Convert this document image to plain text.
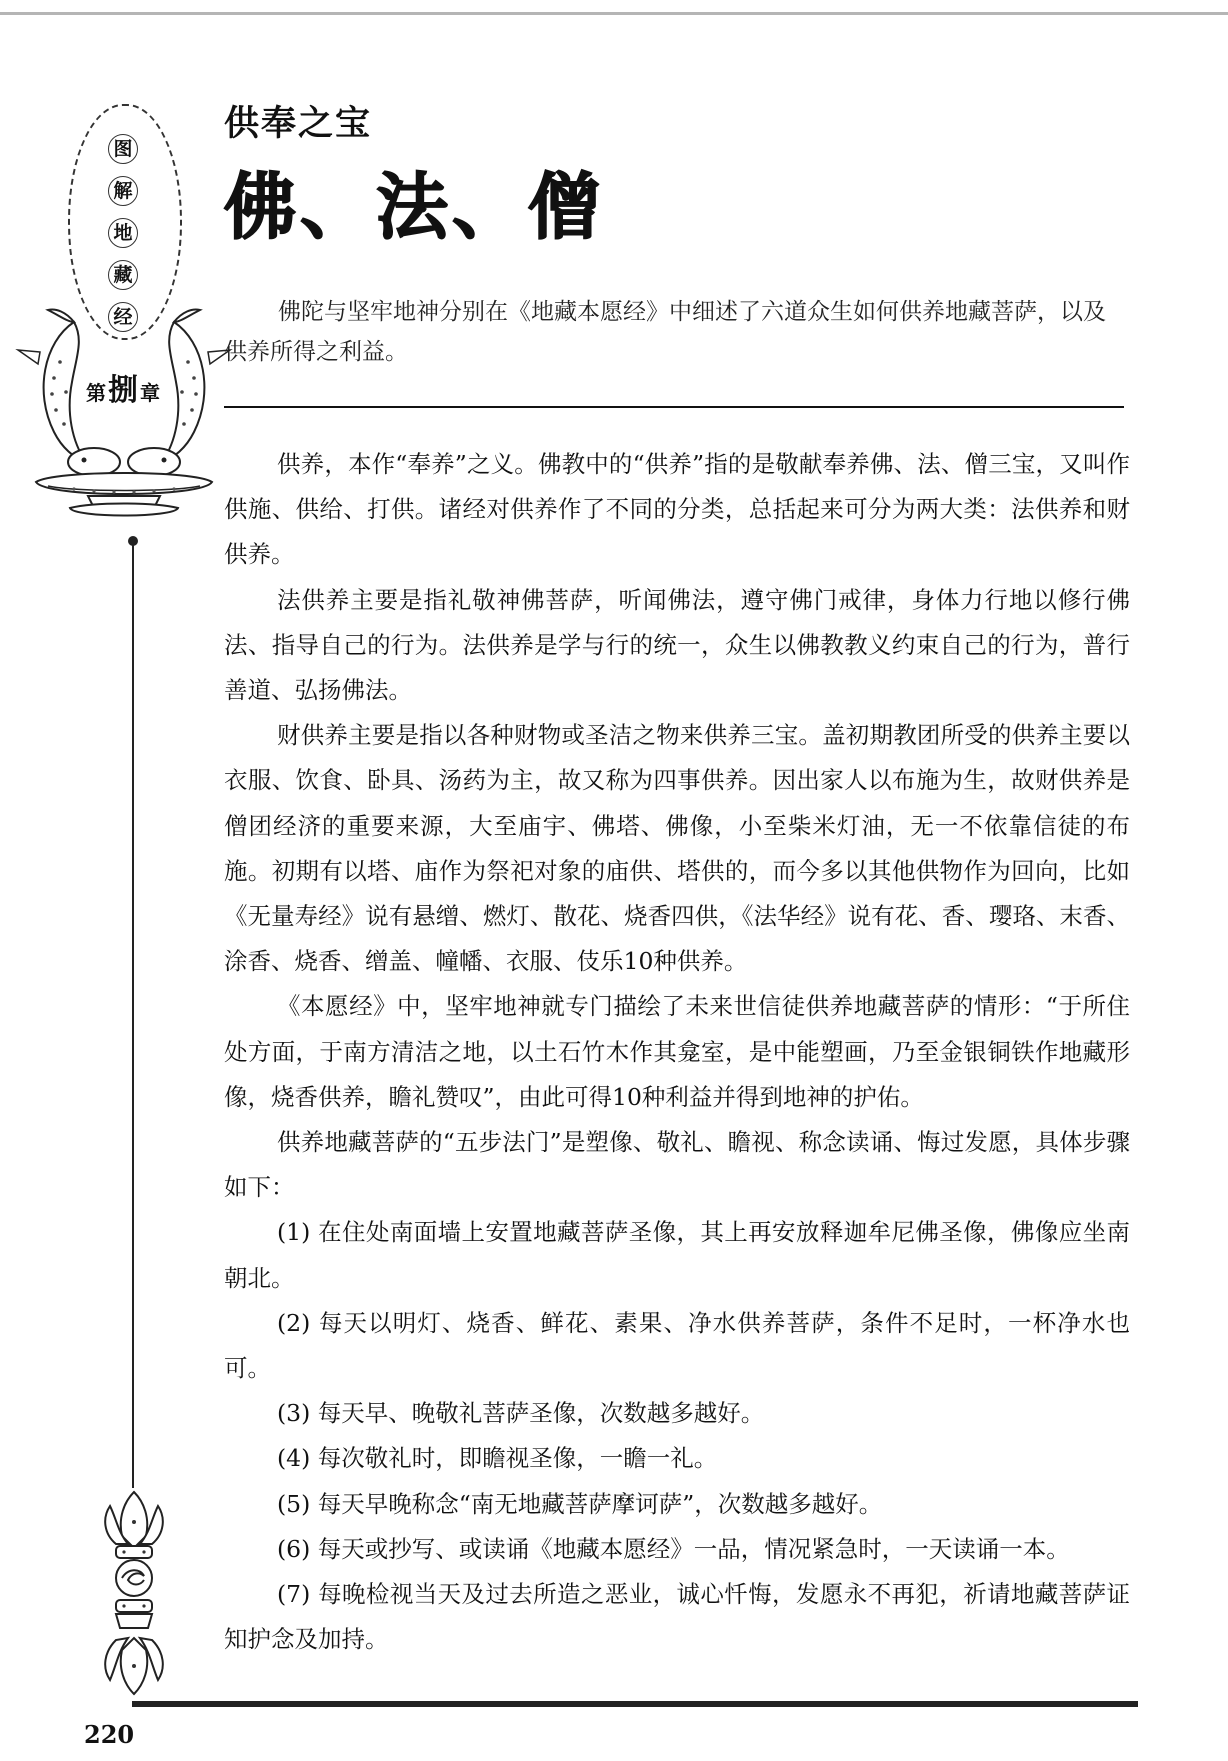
图
解
地
藏
经
第捌 章
供奉之宝
佛、法、僧

佛陀与坚牢地神分别在《地藏本愿经》中细述了六道众生如何供养地藏菩萨，以及供养所得之利益。

供养，本作“奉养”之义。佛教中的“供养”指的是敬献奉养佛、法、僧三宝，又叫作供施、供给、打供。诸经对供养作了不同的分类，总括起来可分为两大类：法供养和财供养。

法供养主要是指礼敬神佛菩萨，听闻佛法，遵守佛门戒律，身体力行地以修行佛法、指导自己的行为。法供养是学与行的统一，众生以佛教教义约束自己的行为，普行善道、弘扬佛法。

财供养主要是指以各种财物或圣洁之物来供养三宝。盖初期教团所受的供养主要以衣服、饮食、卧具、汤药为主，故又称为四事供养。因出家人以布施为生，故财供养是僧团经济的重要来源，大至庙宇、佛塔、佛像，小至柴米灯油，无一不依靠信徒的布施。初期有以塔、庙作为祭祀对象的庙供、塔供的，而今多以其他供物作为回向，比如《无量寿经》说有悬缯、燃灯、散花、烧香四供，《法华经》说有花、香、璎珞、末香、涂香、烧香、缯盖、幢幡、衣服、伎乐10种供养。

《本愿经》中，坚牢地神就专门描绘了未来世信徒供养地藏菩萨的情形：“于所住处方面，于南方清洁之地，以土石竹木作其龛室，是中能塑画，乃至金银铜铁作地藏形像，烧香供养，瞻礼赞叹”，由此可得10种利益并得到地神的护佑。

供养地藏菩萨的“五步法门”是塑像、敬礼、瞻视、称念读诵、悔过发愿，具体步骤如下：

(1) 在住处南面墙上安置地藏菩萨圣像，其上再安放释迦牟尼佛圣像，佛像应坐南朝北。

(2) 每天以明灯、烧香、鲜花、素果、净水供养菩萨，条件不足时，一杯净水也可。

(3) 每天早、晚敬礼菩萨圣像，次数越多越好。

(4) 每次敬礼时，即瞻视圣像，一瞻一礼。

(5) 每天早晚称念“南无地藏菩萨摩诃萨”，次数越多越好。

(6) 每天或抄写、或读诵《地藏本愿经》一品，情况紧急时，一天读诵一本。

(7) 每晚检视当天及过去所造之恶业，诚心忏悔，发愿永不再犯，祈请地藏菩萨证知护念及加持。

220
